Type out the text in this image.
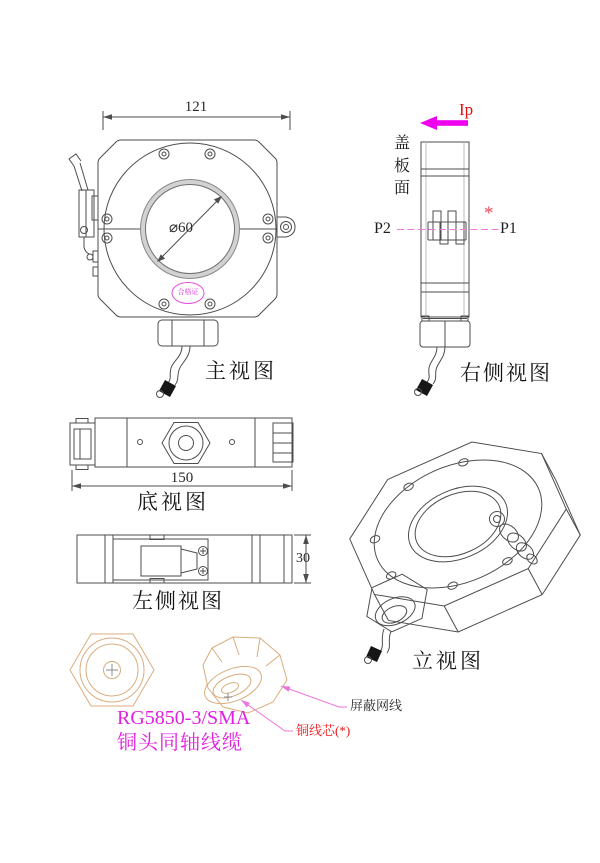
121
⌀60
合格证
主视图
Ip
盖板面
P2	P1
*
右侧视图
150
底视图
30
左侧视图
立视图
RG5850-3/SMA
铜头同轴线缆
屏蔽网线
铜线芯(*)
